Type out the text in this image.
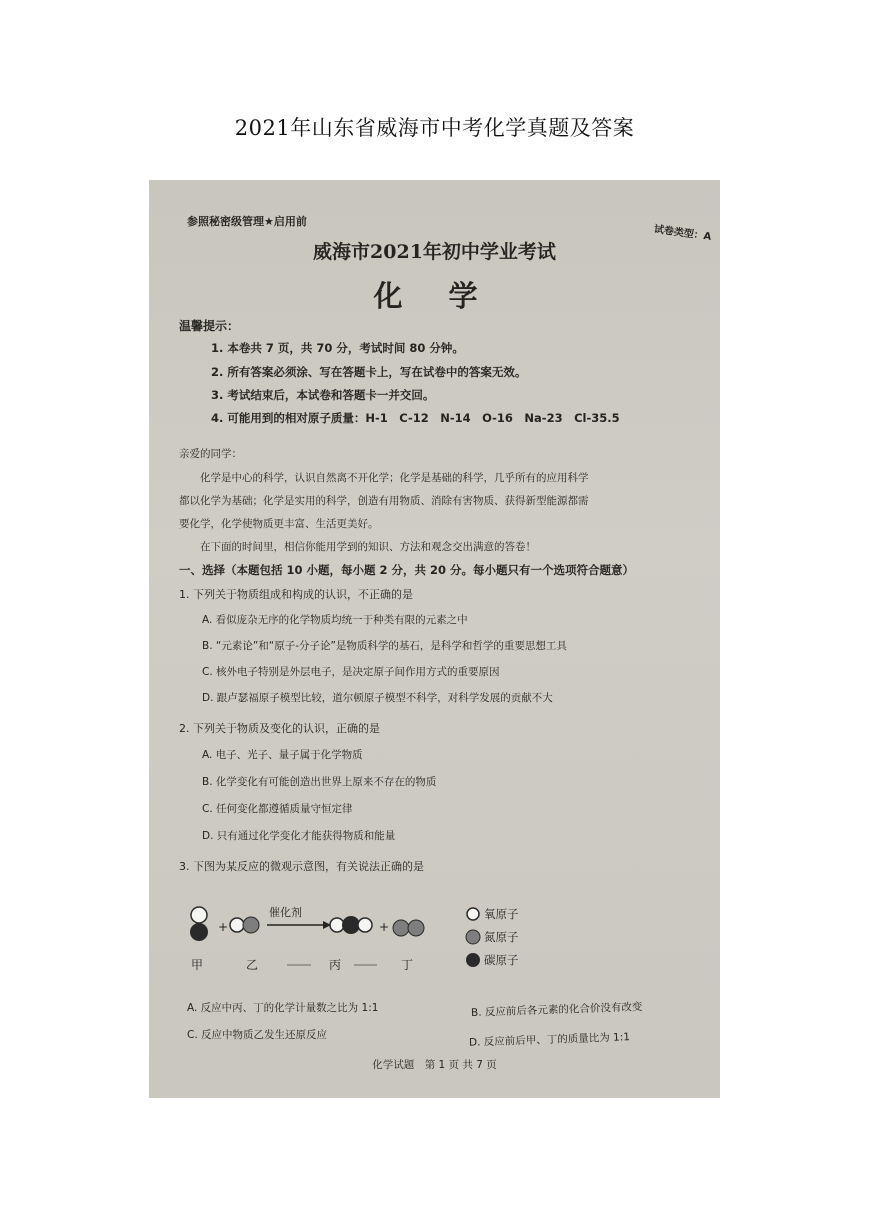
2021年山东省威海市中考化学真题及答案
参照秘密级管理★启用前
试卷类型：A
威海市2021年初中学业考试
化 学
温馨提示：
1. 本卷共 7 页，共 70 分，考试时间 80 分钟。
2. 所有答案必须涂、写在答题卡上，写在试卷中的答案无效。
3. 考试结束后，本试卷和答题卡一并交回。
4. 可能用到的相对原子质量：H-1　C-12　N-14　O-16　Na-23　Cl-35.5
亲爱的同学：
　　化学是中心的科学，认识自然离不开化学；化学是基础的科学，几乎所有的应用科学
都以化学为基础；化学是实用的科学，创造有用物质、消除有害物质、获得新型能源都需
要化学，化学使物质更丰富、生活更美好。
　　在下面的时间里，相信你能用学到的知识、方法和观念交出满意的答卷！
一、选择（本题包括 10 小题，每小题 2 分，共 20 分。每小题只有一个选项符合题意）
1. 下列关于物质组成和构成的认识，不正确的是
A. 看似庞杂无序的化学物质均统一于种类有限的元素之中
B. “元素论”和“原子-分子论”是物质科学的基石，是科学和哲学的重要思想工具
C. 核外电子特别是外层电子，是决定原子间作用方式的重要原因
D. 跟卢瑟福原子模型比较，道尔顿原子模型不科学，对科学发展的贡献不大
2. 下列关于物质及变化的认识，正确的是
A. 电子、光子、量子属于化学物质
B. 化学变化有可能创造出世界上原来不存在的物质
C. 任何变化都遵循质量守恒定律
D. 只有通过化学变化才能获得物质和能量
3. 下图为某反应的微观示意图，有关说法正确的是
+	+
催化剂
甲	乙	丙	丁
氧原子
氮原子
碳原子
A. 反应中丙、丁的化学计量数之比为 1:1	B. 反应前后各元素的化合价没有改变
C. 反应中物质乙发生还原反应	D. 反应前后甲、丁的质量比为 1:1
化学试题　第 1 页 共 7 页
